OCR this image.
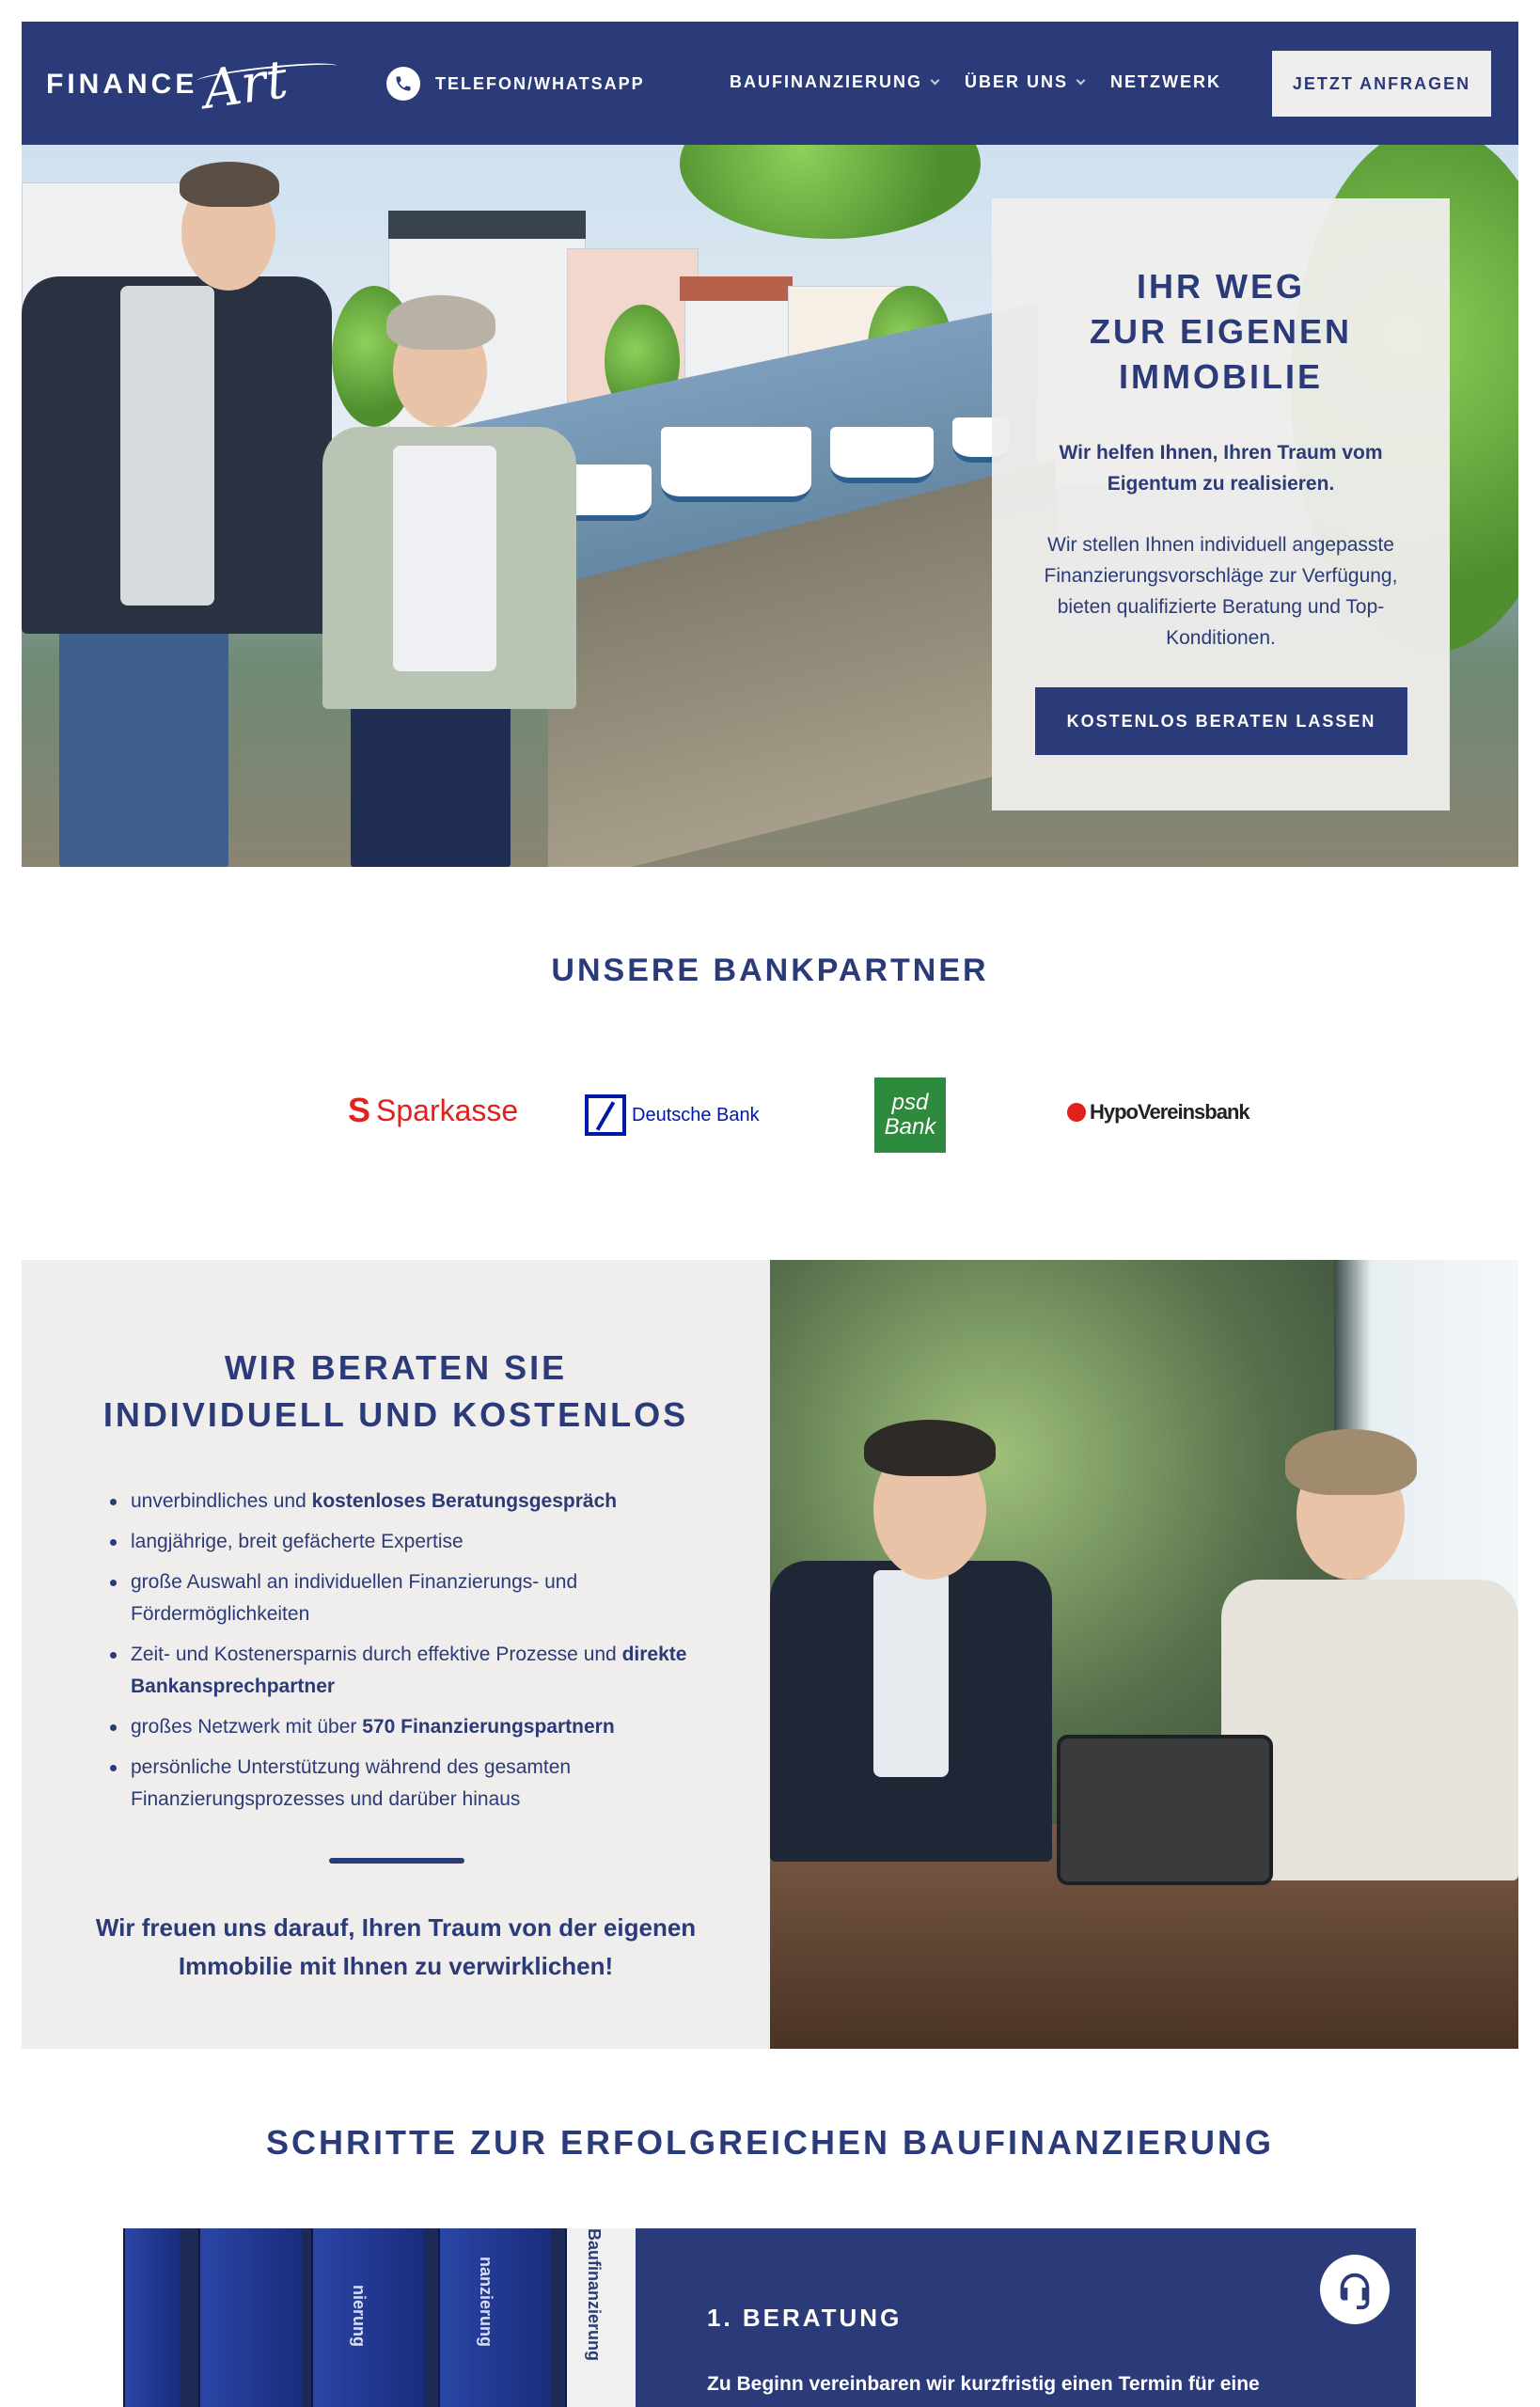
FINANCE Art	TELEFON/WHATSAPP	BAUFINANZIERUNG	ÜBER UNS	NETZWERK	JETZT ANFRAGEN
IHR WEG
ZUR EIGENEN
IMMOBILIE

Wir helfen Ihnen, Ihren Traum vom Eigentum zu realisieren.

Wir stellen Ihnen individuell angepasste Finanzierungsvorschläge zur Verfügung, bieten qualifizierte Beratung und Top-Konditionen.

KOSTENLOS BERATEN LASSEN
UNSERE BANKPARTNER
S Sparkasse	Deutsche Bank	psd
Bank
HypoVereinsbank
WIR BERATEN SIE
INDIVIDUELL UND KOSTENLOS
unverbindliches und kostenloses Beratungsgespräch
langjährige, breit gefächerte Expertise
große Auswahl an individuellen Finanzierungs- und Fördermöglichkeiten
Zeit- und Kostenersparnis durch effektive Prozesse und direkte Bankansprechpartner
großes Netzwerk mit über 570 Finanzierungspartnern
persönliche Unterstützung während des gesamten Finanzierungsprozesses und darüber hinaus

Wir freuen uns darauf, Ihren Traum von der eigenen Immobilie mit Ihnen zu verwirklichen!

SCHRITTE ZUR ERFOLGREICHEN BAUFINANZIERUNG
nierung	nanzierung	Baufinanzierung	1. BERATUNG

Zu Beginn vereinbaren wir kurzfristig einen Termin für eine
